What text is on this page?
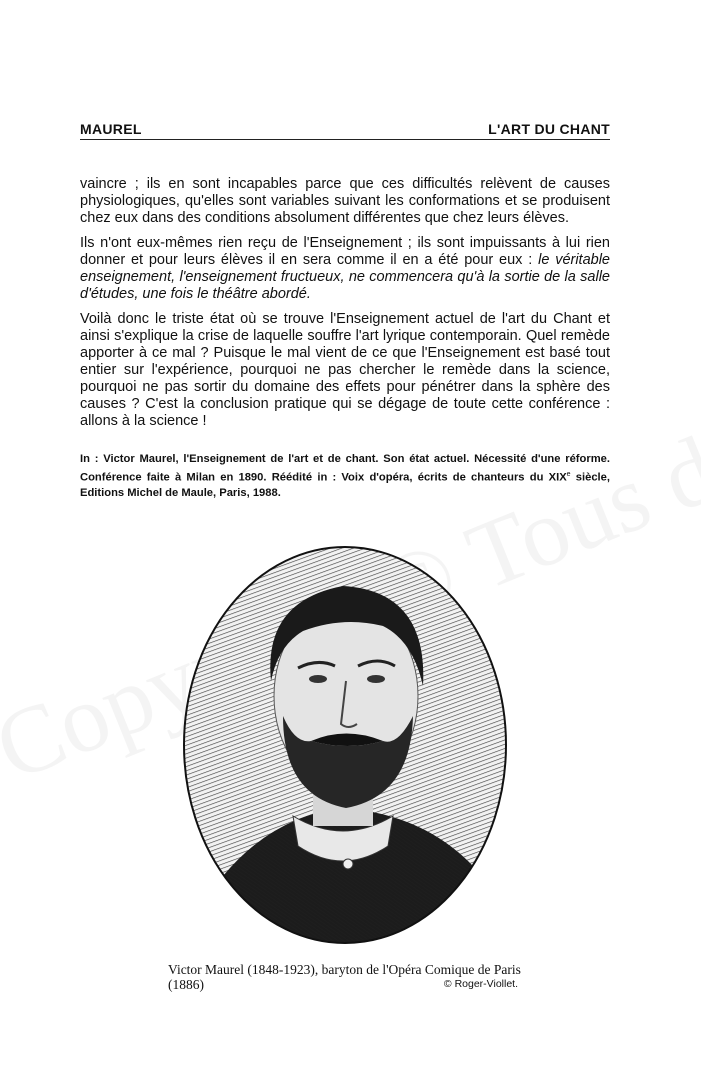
MAUREL	L'ART DU CHANT

vaincre ; ils en sont incapables parce que ces difficultés relèvent de causes physiologiques, qu'elles sont variables suivant les conformations et se produisent chez eux dans des conditions absolument différentes que chez leurs élèves.

Ils n'ont eux-mêmes rien reçu de l'Enseignement ; ils sont impuissants à lui rien donner et pour leurs élèves il en sera comme il en a été pour eux : le véritable enseignement, l'enseignement fructueux, ne commencera qu'à la sortie de la salle d'études, une fois le théâtre abordé.

Voilà donc le triste état où se trouve l'Enseignement actuel de l'art du Chant et ainsi s'explique la crise de laquelle souffre l'art lyrique contemporain. Quel remède apporter à ce mal ? Puisque le mal vient de ce que l'Enseignement est basé tout entier sur l'expérience, pourquoi ne pas chercher le remède dans la science, pourquoi ne pas sortir du domaine des effets pour pénétrer dans la sphère des causes ? C'est la conclusion pratique qui se dégage de toute cette conférence : allons à la science !

In : Victor Maurel, l'Enseignement de l'art et de chant. Son état actuel. Nécessité d'une réforme. Conférence faite à Milan en 1890. Réédité in : Voix d'opéra, écrits de chanteurs du XIXe siècle, Editions Michel de Maule, Paris, 1988.
Victor Maurel (1848-1923), baryton de l'Opéra Comique de Paris (1886)	© Roger-Viollet.
